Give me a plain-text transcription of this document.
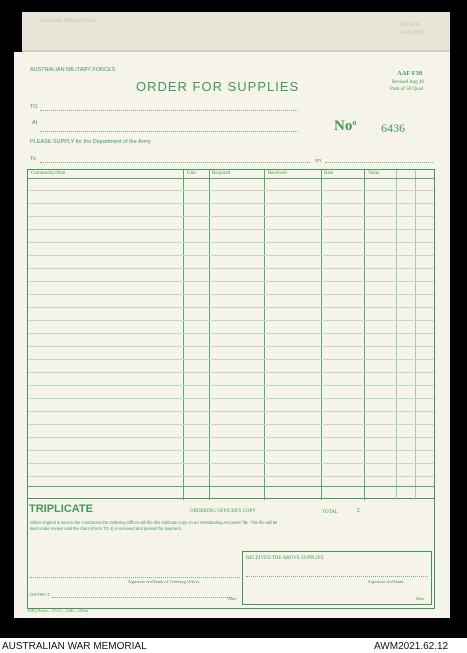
Australian Military Forces
AAF F39
Pads of 50
AUSTRALIAN MILITARY FORCES
ORDER FOR SUPPLIES
AAF F39
Revised Aug 46
Pads of 50 Quad
TO
At	No$^o$ 6436
PLEASE SUPPLY for the Department of the Army
To	on
Commodity/Item	Unit	Required	Received	Rate	Value
TRIPLICATE	ORDERING OFFICER'S COPY	TOTAL	£
When original is sent to the Contractor the Ordering Officer will file this triplicate copy on an Outstanding Accounts' file. This file will be
kept under review until the claim (Form TS 4) is received and passed for payment.
Signature and Rank of Ordering Officer
DISTRICT
Date
RECEIVED THE ABOVE SUPPLIES
Signature and Rank
Date
AHQ Press—3723—3/46—100m
AUSTRALIAN WAR MEMORIAL	AWM2021.62.12
